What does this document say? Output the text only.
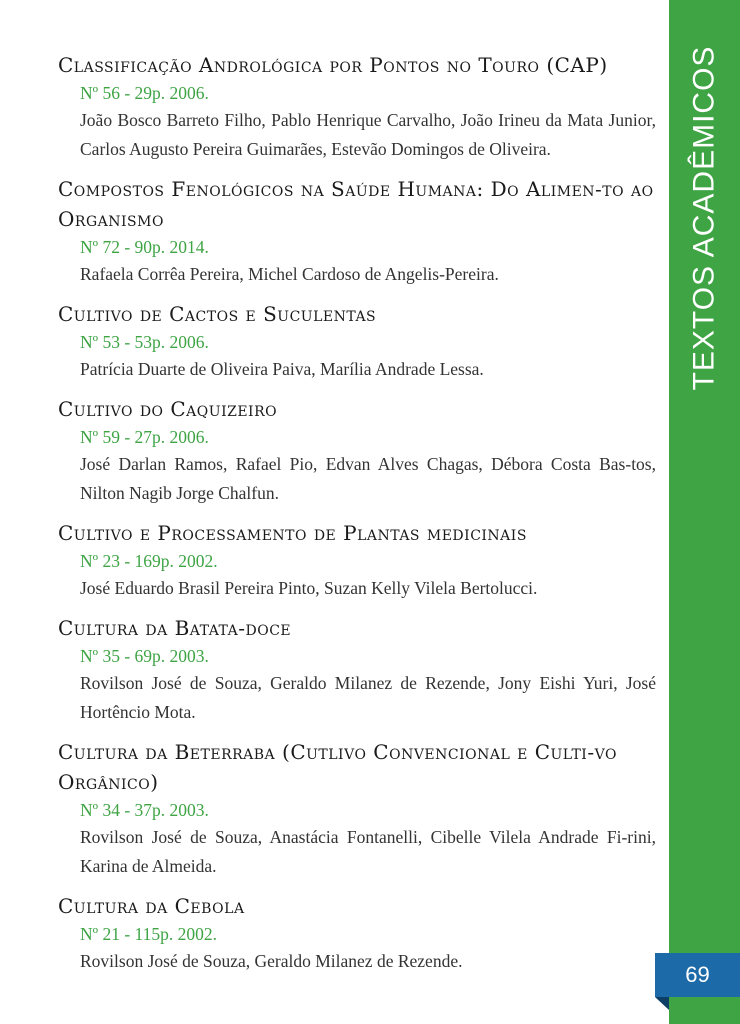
Classificação Andrológica por Pontos no Touro (CAP)
Nº 56 - 29p. 2006.
João Bosco Barreto Filho, Pablo Henrique Carvalho, João Irineu da Mata Junior, Carlos Augusto Pereira Guimarães, Estevão Domingos de Oliveira.
Compostos Fenológicos na Saúde Humana: Do Alimen-to ao Organismo
Nº 72 - 90p. 2014.
Rafaela Corrêa Pereira, Michel Cardoso de Angelis-Pereira.
Cultivo de Cactos e Suculentas
Nº 53 - 53p. 2006.
Patrícia Duarte de Oliveira Paiva, Marília Andrade Lessa.
Cultivo do Caquizeiro
Nº 59 - 27p. 2006.
José Darlan Ramos, Rafael Pio, Edvan Alves Chagas, Débora Costa Bas-tos, Nilton Nagib Jorge Chalfun.
Cultivo e Processamento de Plantas medicinais
Nº 23 - 169p. 2002.
José Eduardo Brasil Pereira Pinto, Suzan Kelly Vilela Bertolucci.
Cultura da Batata-doce
Nº 35 - 69p. 2003.
Rovilson José de Souza, Geraldo Milanez de Rezende, Jony Eishi Yuri, José Hortêncio Mota.
Cultura da Beterraba (Cutlivo Convencional e Culti-vo Orgânico)
Nº 34 - 37p. 2003.
Rovilson José de Souza, Anastácia Fontanelli, Cibelle Vilela Andrade Fi-rini, Karina de Almeida.
Cultura da Cebola
Nº 21 - 115p. 2002.
Rovilson José de Souza, Geraldo Milanez de Rezende.
TEXTOS ACADÊMICOS
69
